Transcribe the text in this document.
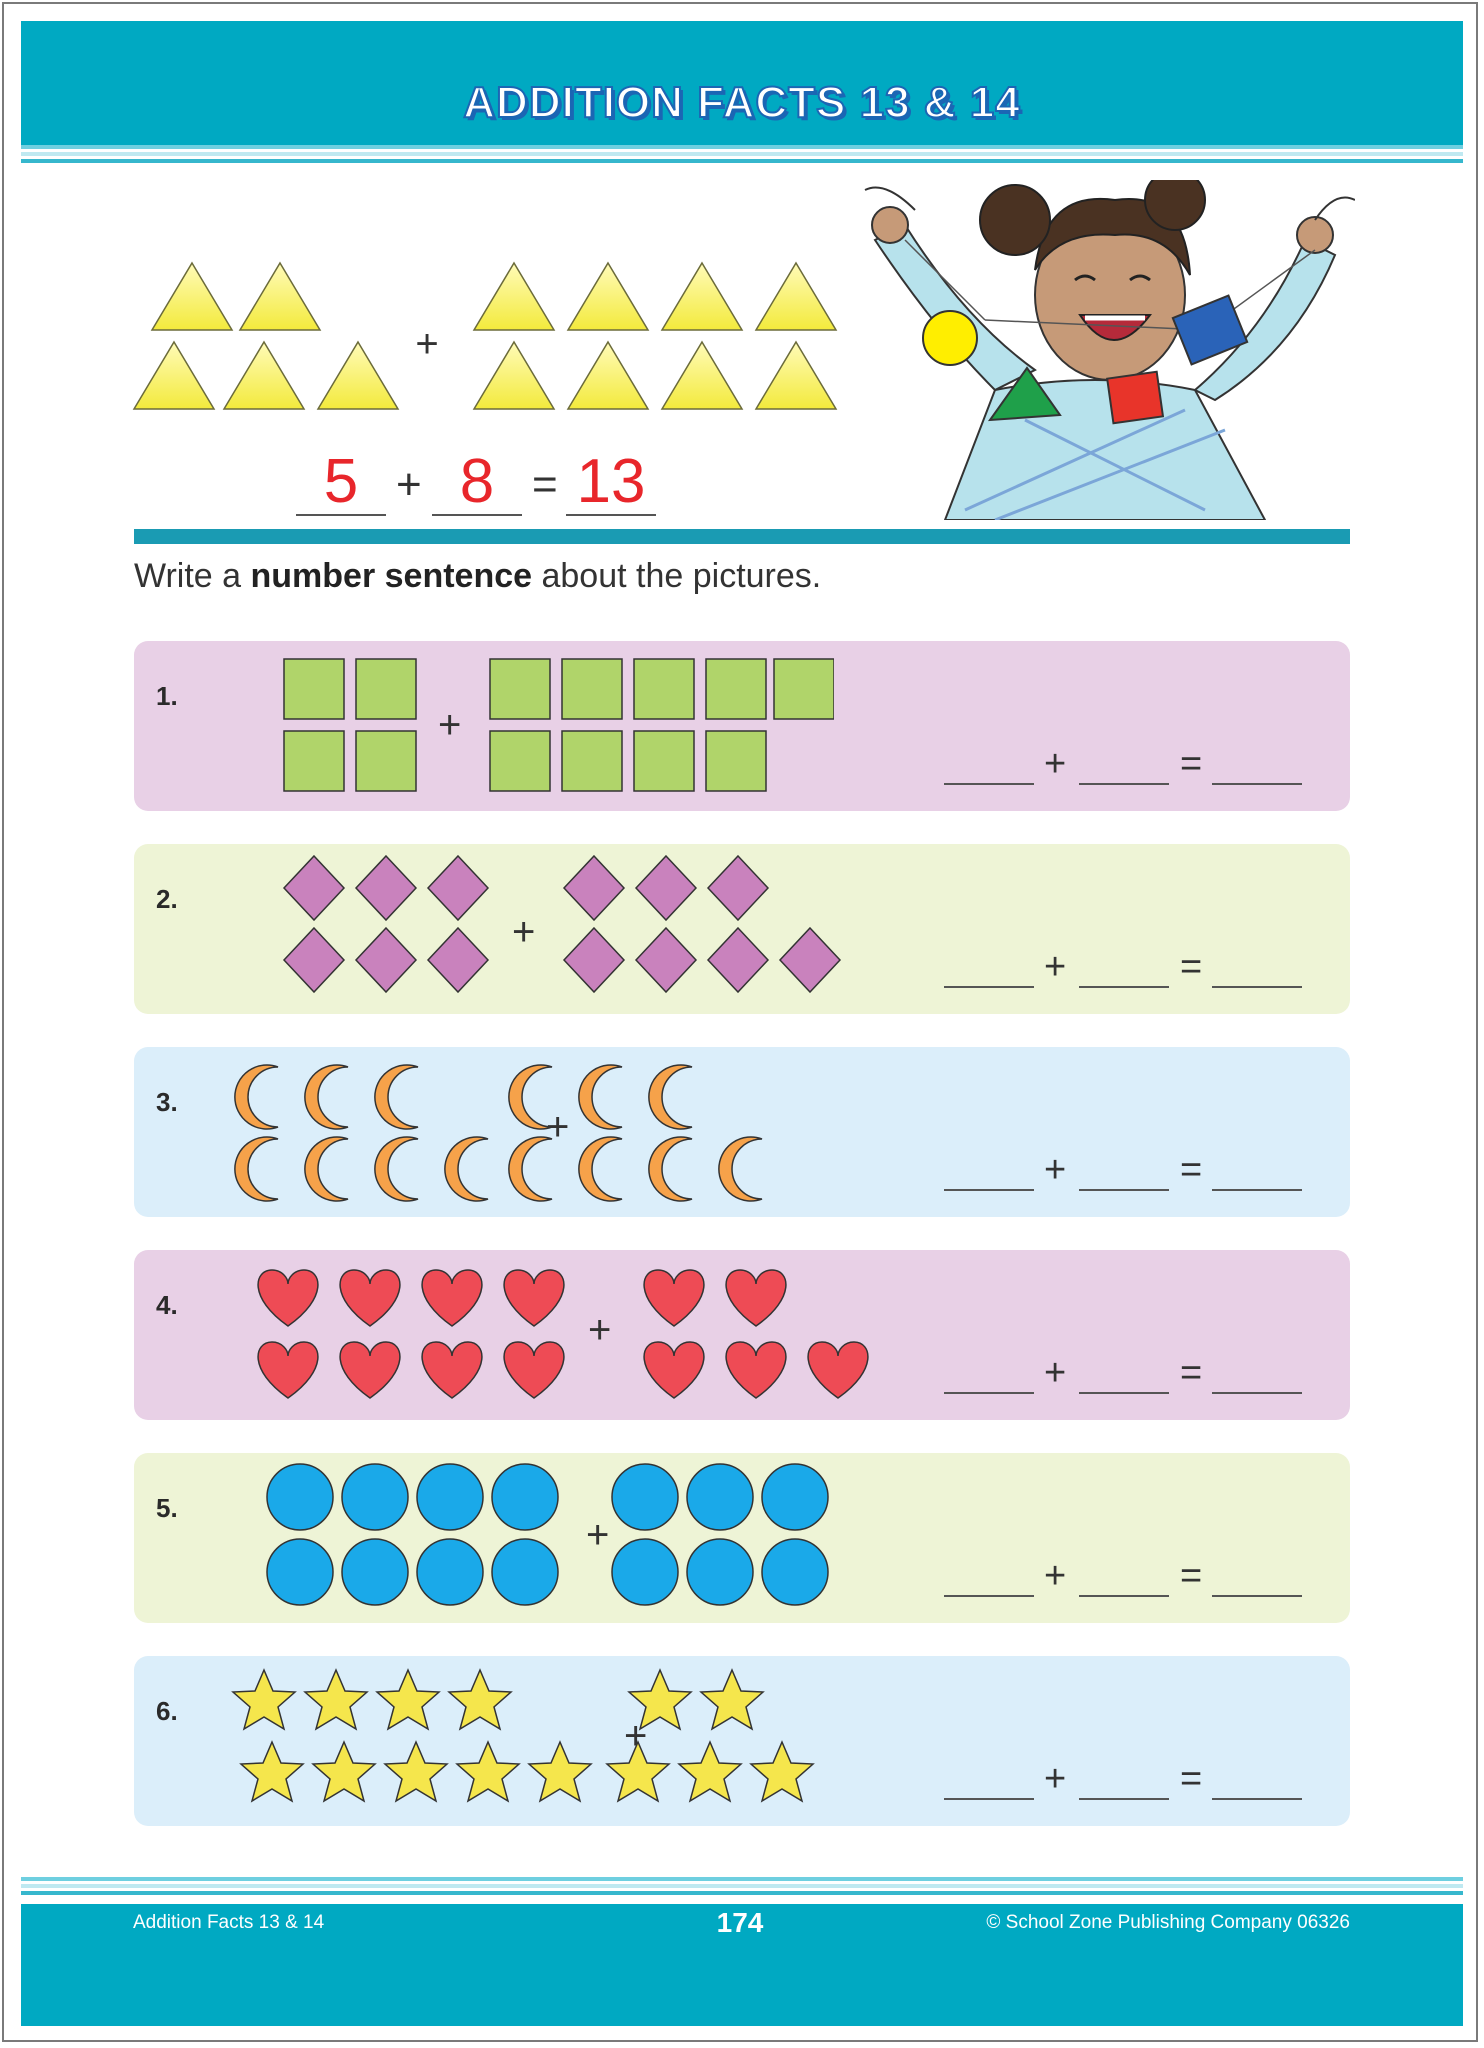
ADDITION FACTS 13 & 14
+
5 + 8 = 13
Write a number sentence about the pictures.
1.
+
+	=
2.
+
+	=
3.
+
+	=
4.
+
+	=
5.
+
+	=
6.
+
+	=
Addition Facts 13 & 14	174	© School Zone Publishing Company 06326
